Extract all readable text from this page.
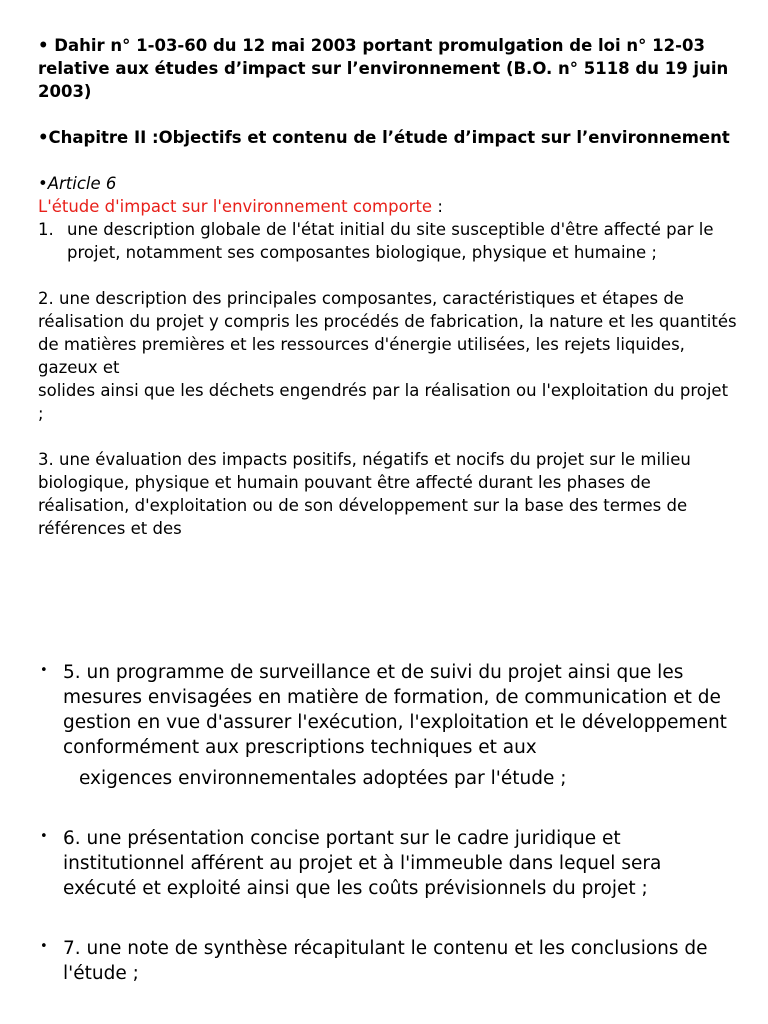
• Dahir n° 1-03-60 du 12 mai 2003 portant promulgation de loi n° 12-03 relative aux études d’impact sur l’environnement (B.O. n° 5118 du 19 juin 2003)

•Chapitre II :Objectifs et contenu de l’étude d’impact sur l’environnement

•Article 6

L'étude d'impact sur l'environnement comporte :

1. une description globale de l'état initial du site susceptible d'être affecté par le projet, notamment ses composantes biologique, physique et humaine ;

2. une description des principales composantes, caractéristiques et étapes de réalisation du projet y compris les procédés de fabrication, la nature et les quantités de matières premières et les ressources d'énergie utilisées, les rejets liquides, gazeux et
solides ainsi que les déchets engendrés par la réalisation ou l'exploitation du projet ;

3. une évaluation des impacts positifs, négatifs et nocifs du projet sur le milieu biologique, physique et humain pouvant être affecté durant les phases de réalisation, d'exploitation ou de son développement sur la base des termes de références et des

• 5. un programme de surveillance et de suivi du projet ainsi que les mesures envisagées en matière de formation, de communication et de gestion en vue d'assurer l'exécution, l'exploitation et le développement conformément aux prescriptions techniques et aux
exigences environnementales adoptées par l'étude ;
• 6. une présentation concise portant sur le cadre juridique et institutionnel afférent au projet et à l'immeuble dans lequel sera exécuté et exploité ainsi que les coûts prévisionnels du projet ;
• 7. une note de synthèse récapitulant le contenu et les conclusions de l'étude ;
